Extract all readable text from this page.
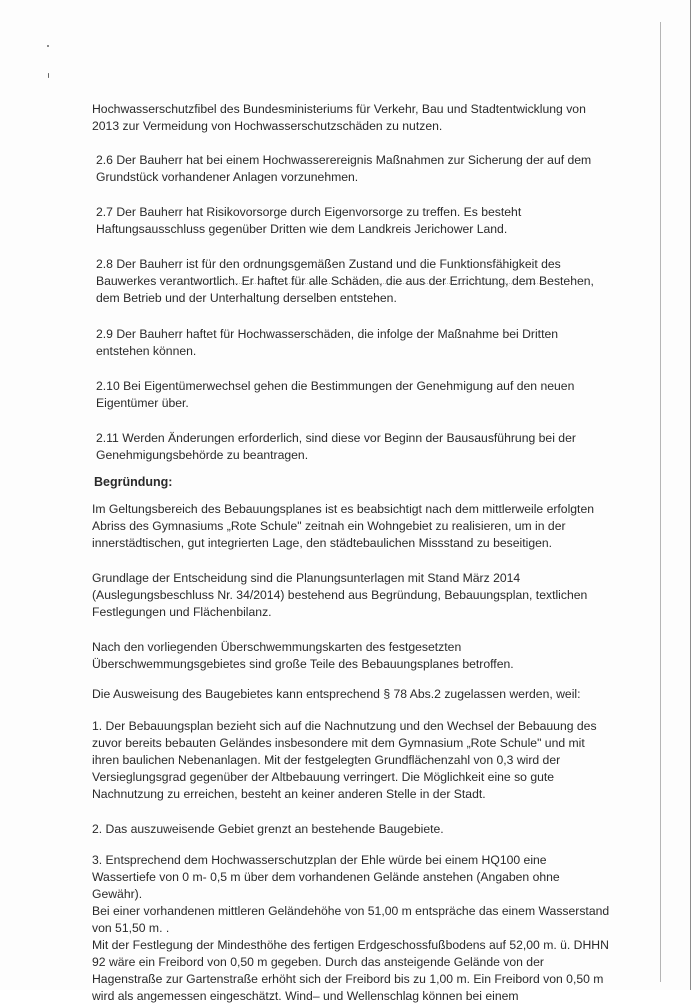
Hochwasserschutzfibel des Bundesministeriums für Verkehr, Bau und Stadtentwicklung von 2013 zur Vermeidung von Hochwasserschutzschäden zu nutzen.

2.6 Der Bauherr hat bei einem Hochwasserereignis Maßnahmen zur Sicherung der auf dem Grundstück vorhandener Anlagen vorzunehmen.

2.7 Der Bauherr hat Risikovorsorge durch Eigenvorsorge zu treffen. Es besteht Haftungsausschluss gegenüber Dritten wie dem Landkreis Jerichower Land.

2.8 Der Bauherr ist für den ordnungsgemäßen Zustand und die Funktionsfähigkeit des Bauwerkes verantwortlich. Er haftet für alle Schäden, die aus der Errichtung, dem Bestehen, dem Betrieb und der Unterhaltung derselben entstehen.

2.9 Der Bauherr haftet für Hochwasserschäden, die infolge der Maßnahme bei Dritten entstehen können.

2.10 Bei Eigentümerwechsel gehen die Bestimmungen der Genehmigung auf den neuen Eigentümer über.

2.11 Werden Änderungen erforderlich, sind diese vor Beginn der Bausausführung bei der Genehmigungsbehörde zu beantragen.

Begründung:

Im Geltungsbereich des Bebauungsplanes ist es beabsichtigt nach dem mittlerweile erfolgten Abriss des Gymnasiums „Rote Schule" zeitnah ein Wohngebiet zu realisieren, um in der innerstädtischen, gut integrierten Lage, den städtebaulichen Missstand zu beseitigen.

Grundlage der Entscheidung sind die Planungsunterlagen mit Stand März 2014 (Auslegungsbeschluss Nr. 34/2014) bestehend aus Begründung, Bebauungsplan, textlichen Festlegungen und Flächenbilanz.

Nach den vorliegenden Überschwemmungskarten des festgesetzten Überschwemmungsgebietes sind große Teile des Bebauungsplanes betroffen.

Die Ausweisung des Baugebietes kann entsprechend § 78 Abs.2 zugelassen werden, weil:

1. Der Bebauungsplan bezieht sich auf die Nachnutzung und den Wechsel der Bebauung des zuvor bereits bebauten Geländes insbesondere mit dem Gymnasium „Rote Schule" und mit ihren baulichen Nebenanlagen. Mit der festgelegten Grundflächenzahl von 0,3 wird der Versieglungsgrad gegenüber der Altbebauung verringert. Die Möglichkeit eine so gute Nachnutzung zu erreichen, besteht an keiner anderen Stelle in der Stadt.

2. Das auszuweisende Gebiet grenzt an bestehende Baugebiete.

3. Entsprechend dem Hochwasserschutzplan der Ehle würde bei einem HQ100 eine Wassertiefe von 0 m- 0,5 m über dem vorhandenen Gelände anstehen (Angaben ohne Gewähr).

Bei einer vorhandenen mittleren Geländehöhe von 51,00 m entspräche das einem Wasserstand von 51,50 m. .

Mit der Festlegung der Mindesthöhe des fertigen Erdgeschossfußbodens auf 52,00 m. ü. DHHN 92 wäre ein Freibord von 0,50 m gegeben. Durch das ansteigende Gelände von der Hagenstraße zur Gartenstraße erhöht sich der Freibord bis zu 1,00 m. Ein Freibord von 0,50 m wird als angemessen eingeschätzt. Wind– und Wellenschlag können bei einem
